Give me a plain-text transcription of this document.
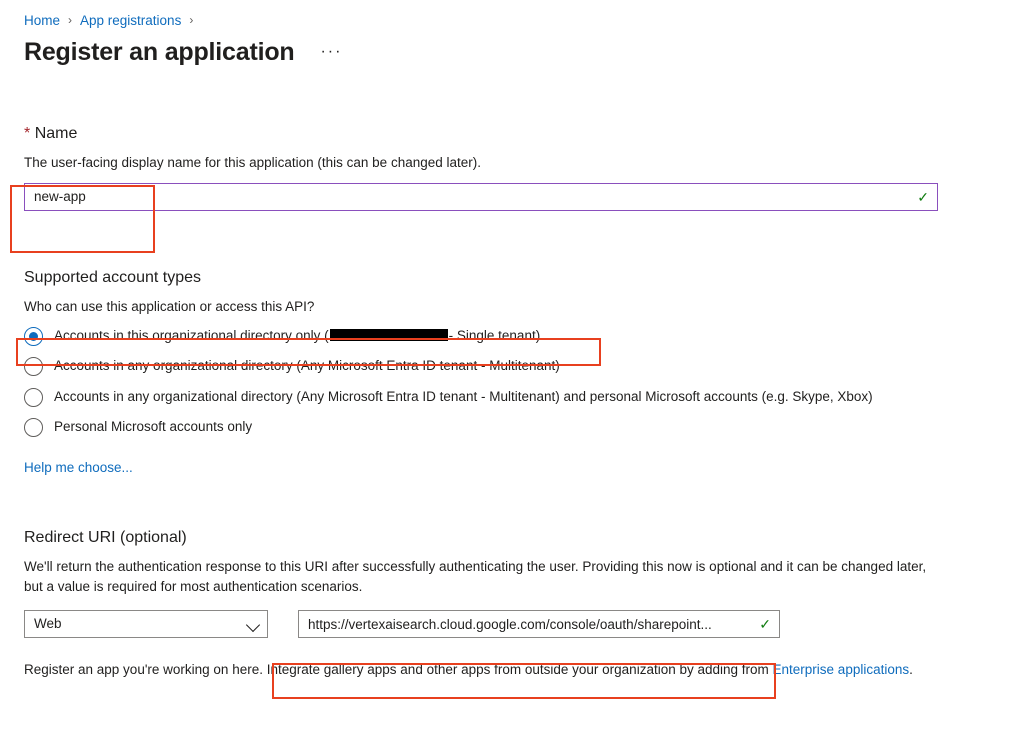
Home › App registrations ›
Register an application ···
* Name
The user-facing display name for this application (this can be changed later).
new-app
✓
Supported account types
Who can use this application or access this API?
Accounts in this organizational directory only (	- Single tenant)
Accounts in any organizational directory (Any Microsoft Entra ID tenant - Multitenant)
Accounts in any organizational directory (Any Microsoft Entra ID tenant - Multitenant) and personal Microsoft accounts (e.g. Skype, Xbox)
Personal Microsoft accounts only
Help me choose...
Redirect URI (optional)
We'll return the authentication response to this URI after successfully authenticating the user. Providing this now is optional and it can be changed later, but a value is required for most authentication scenarios.
Web
https://vertexaisearch.cloud.google.com/console/oauth/sharepoint...	✓
Register an app you're working on here. Integrate gallery apps and other apps from outside your organization by adding from Enterprise applications.
